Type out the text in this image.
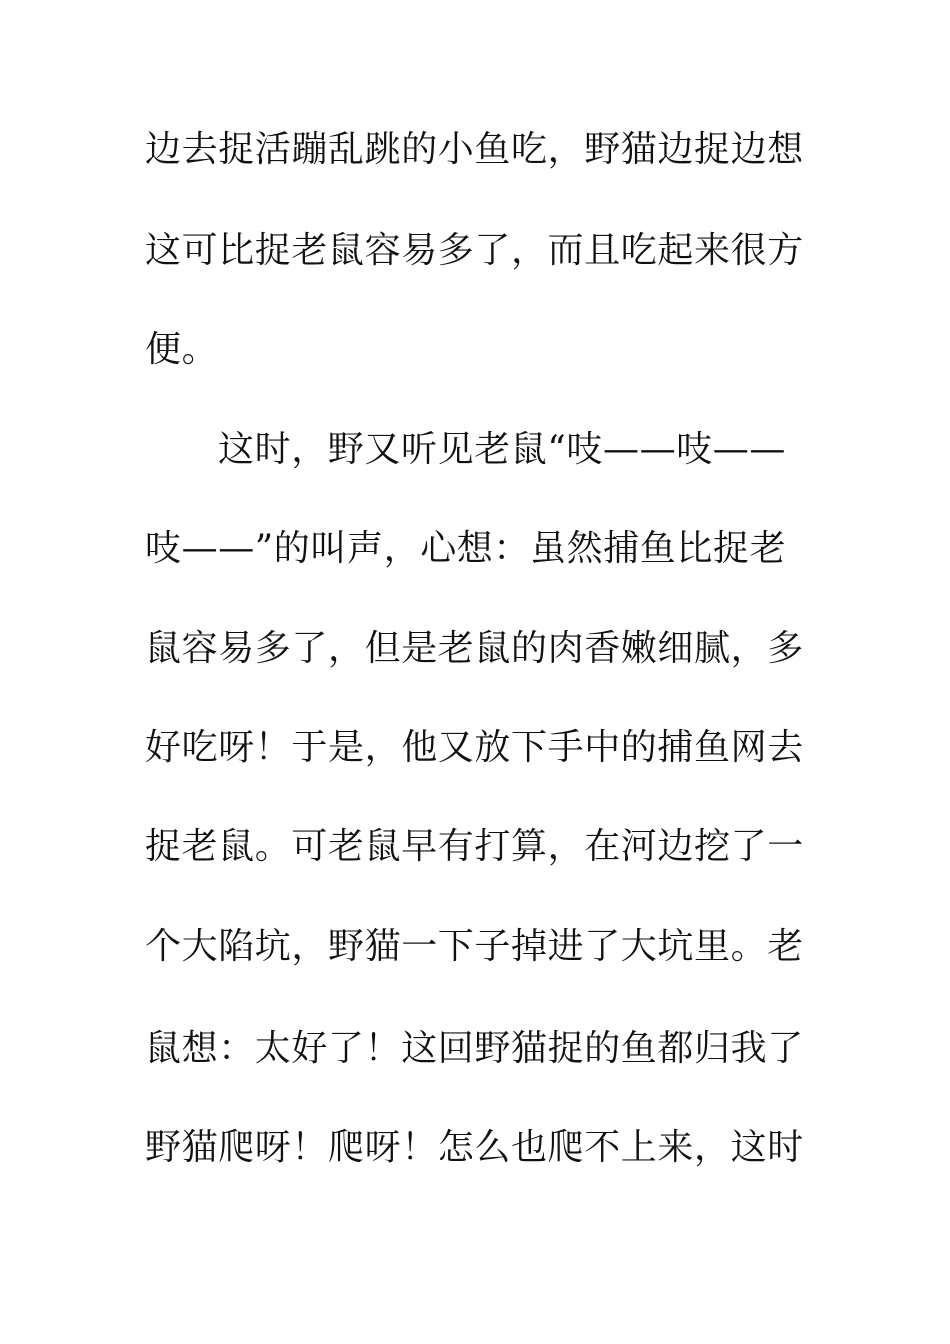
边去捉活蹦乱跳的小鱼吃，野猫边捉边想
这可比捉老鼠容易多了，而且吃起来很方
便。
这时，野又听见老鼠“吱——吱——
吱——”的叫声，心想：虽然捕鱼比捉老
鼠容易多了，但是老鼠的肉香嫩细腻，多
好吃呀！于是，他又放下手中的捕鱼网去
捉老鼠。可老鼠早有打算，在河边挖了一
个大陷坑，野猫一下子掉进了大坑里。老
鼠想：太好了！这回野猫捉的鱼都归我了
野猫爬呀！爬呀！怎么也爬不上来，这时
